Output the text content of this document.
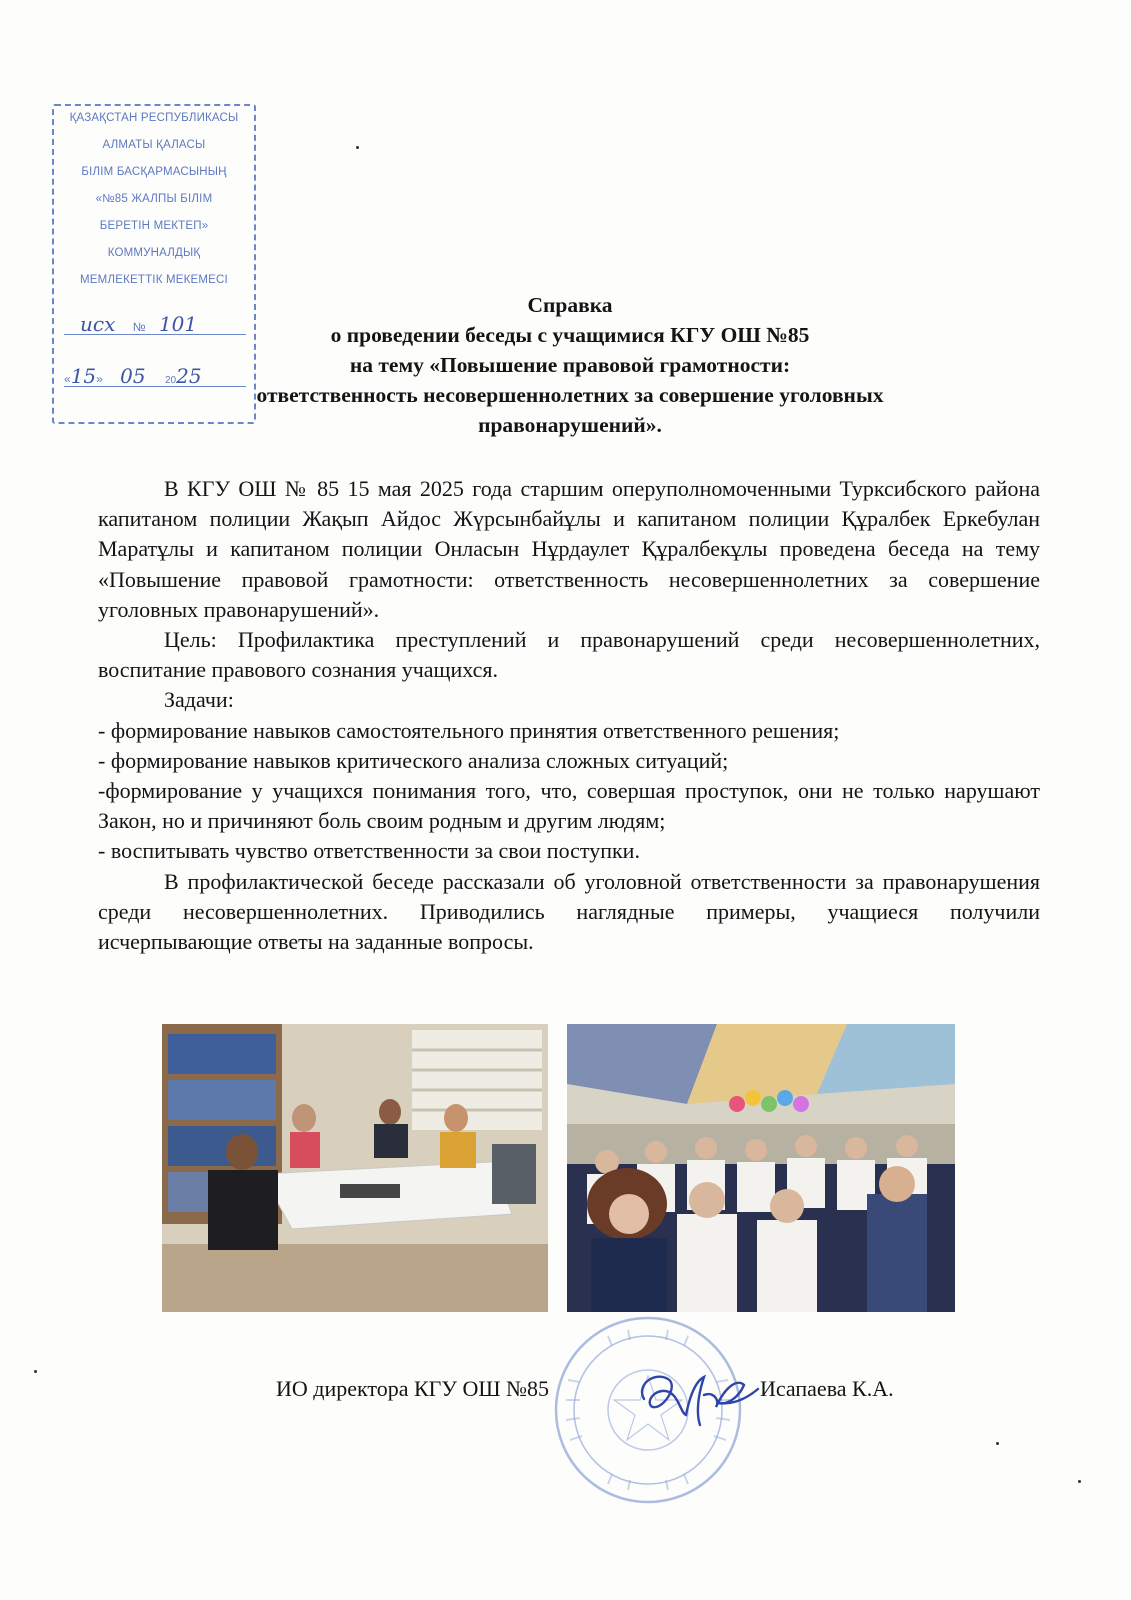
ҚАЗАҚСТАН РЕСПУБЛИКАСЫ
АЛМАТЫ ҚАЛАСЫ
БІЛІМ БАСҚАРМАСЫНЫҢ
«№85 ЖАЛПЫ БІЛІМ
БЕРЕТІН МЕКТЕП»
КОММУНАЛДЫҚ
МЕМЛЕКЕТТІК МЕКЕМЕСІ
исх № 101
«15» 05 2025
Справка
о проведении беседы с учащимися КГУ ОШ №85
на тему «Повышение правовой грамотности:
ответственность несовершеннолетних за совершение уголовных
правонарушений».

В КГУ ОШ № 85 15 мая 2025 года старшим оперуполномоченными Турксибского района капитаном полиции Жақып Айдос Жүрсынбайұлы и капитаном полиции Құралбек Еркебулан Маратұлы и капитаном полиции Онласын Нұрдаулет Құралбекұлы проведена беседа на тему «Повышение правовой грамотности: ответственность несовершеннолетних за совершение уголовных правонарушений».

Цель: Профилактика преступлений и правонарушений среди несовершеннолетних, воспитание правового сознания учащихся.

Задачи:

- формирование навыков самостоятельного принятия ответственного решения;

- формирование навыков критического анализа сложных ситуаций;

-формирование у учащихся понимания того, что, совершая проступок, они не только нарушают Закон, но и причиняют боль своим родным и другим людям;

- воспитывать чувство ответственности за свои поступки.

В профилактической беседе рассказали об уголовной ответственности за правонарушения среди несовершеннолетних. Приводились наглядные примеры, учащиеся получили исчерпывающие ответы на заданные вопросы.

ИО директора КГУ ОШ №85	Исапаева К.А.
